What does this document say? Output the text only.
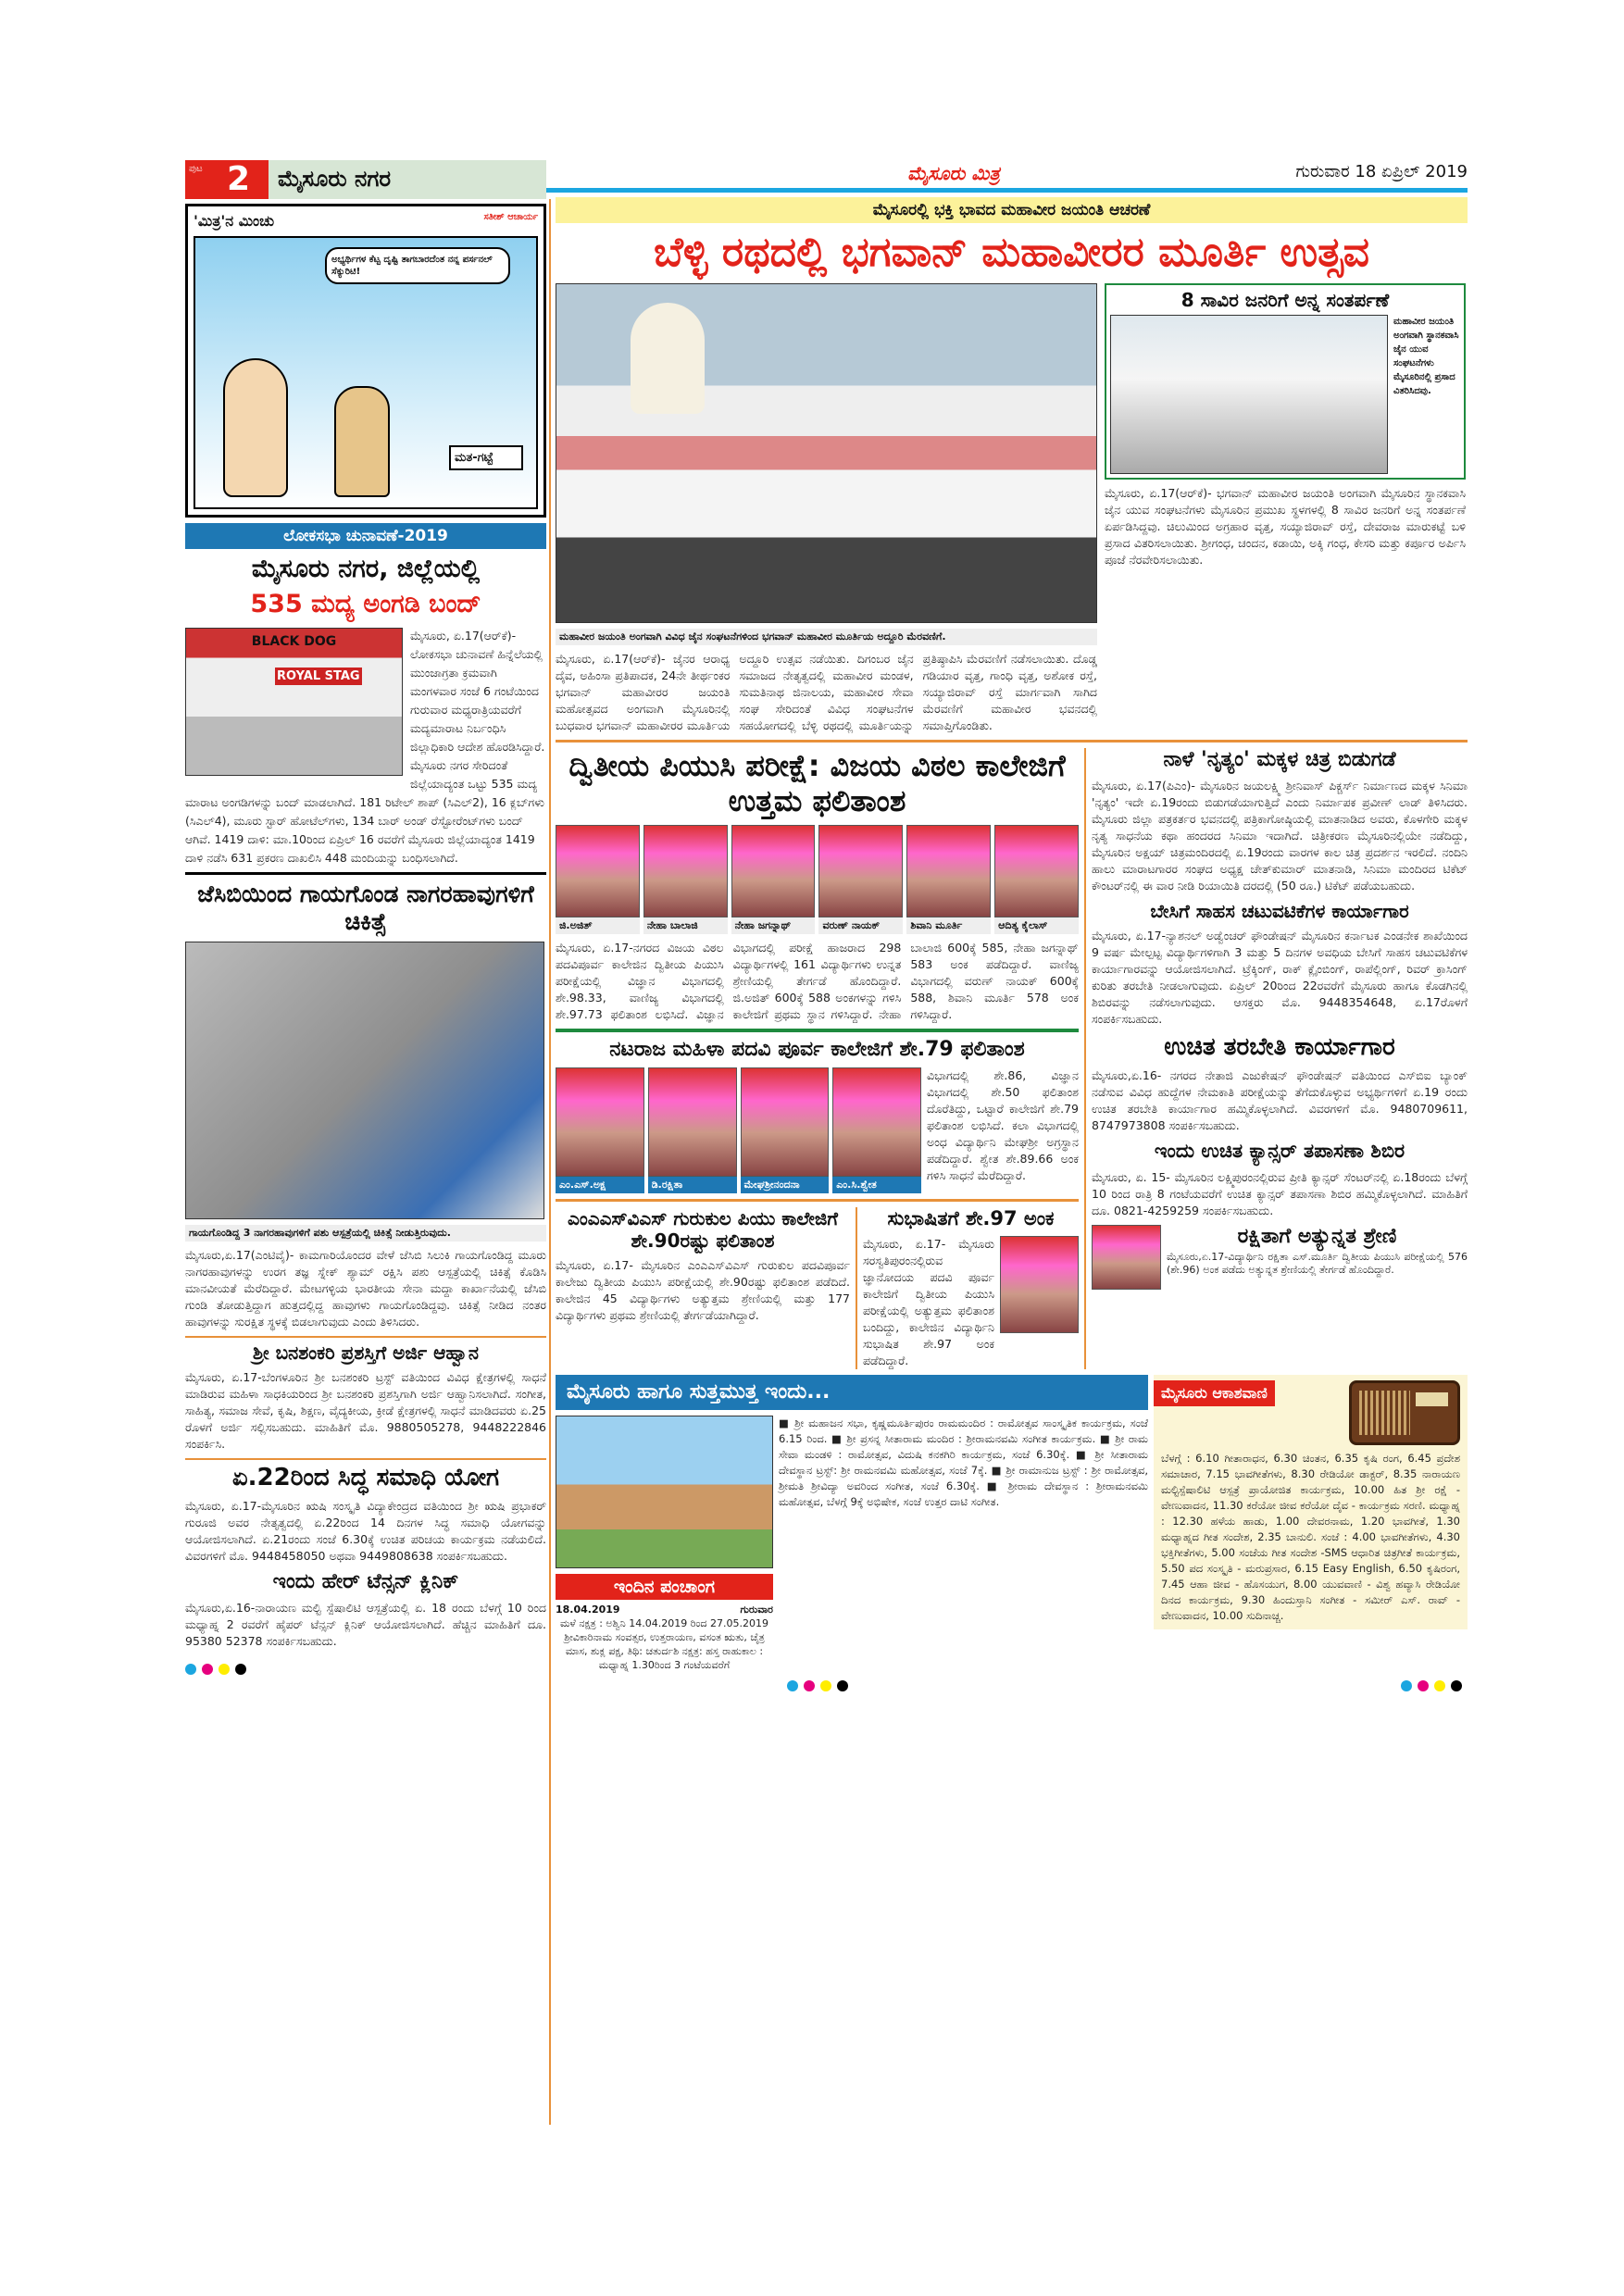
ಪುಟ 2 ಮೈಸೂರು ನಗರ	ಮೈಸೂರು ಮಿತ್ರ	ಗುರುವಾರ 18 ಏಪ್ರಿಲ್ 2019
'ಮಿತ್ರ'ನ ಮಿಂಚು	ಸತೀಶ್ ಆಚಾರ್ಯ
ಅಭ್ಯರ್ಥಿಗಳ ಕೆಟ್ಟ ದೃಷ್ಟಿ ತಾಗಬಾರದೆಂತ ನನ್ನ ಪರ್ಸನಲ್ ಸೆಕ್ಯುರಿಟಿ!
ಮತ-ಗಟ್ಟೆ
ಲೋಕಸಭಾ ಚುನಾವಣೆ-2019
ಮೈಸೂರು ನಗರ, ಜಿಲ್ಲೆಯಲ್ಲಿ
535 ಮದ್ಯ ಅಂಗಡಿ ಬಂದ್
BLACK DOG
ROYAL STAG
ಮೈಸೂರು, ಏ.17(ಆರ್‌ಕೆ)- ಲೋಕಸಭಾ ಚುನಾವಣೆ ಹಿನ್ನೆಲೆಯಲ್ಲಿ ಮುಂಜಾಗ್ರತಾ ಕ್ರಮವಾಗಿ ಮಂಗಳವಾರ ಸಂಜೆ 6 ಗಂಟೆಯಿಂದ ಗುರುವಾರ ಮಧ್ಯರಾತ್ರಿಯವರೆಗೆ ಮದ್ಯಮಾರಾಟ ನಿರ್ಬಂಧಿಸಿ ಜಿಲ್ಲಾಧಿಕಾರಿ ಆದೇಶ ಹೊರಡಿಸಿದ್ದಾರೆ. ಮೈಸೂರು ನಗರ ಸೇರಿದಂತೆ ಜಿಲ್ಲೆಯಾದ್ಯಂತ ಒಟ್ಟು 535 ಮದ್ಯ ಮಾರಾಟ ಅಂಗಡಿಗಳನ್ನು ಬಂದ್ ಮಾಡಲಾಗಿದೆ. 181 ರಿಟೇಲ್ ಶಾಪ್ (ಸಿಎಲ್2), 16 ಕ್ಲಬ್‌ಗಳು (ಸಿಎಲ್4), ಮೂರು ಸ್ಟಾರ್ ಹೋಟೆಲ್‌ಗಳು, 134 ಬಾರ್ ಅಂಡ್ ರೆಸ್ಟೋರೆಂಟ್‌ಗಳು ಬಂದ್ ಆಗಿವೆ. 1419 ದಾಳಿ: ಮಾ.10ರಿಂದ ಏಪ್ರಿಲ್ 16 ರವರೆಗೆ ಮೈಸೂರು ಜಿಲ್ಲೆಯಾದ್ಯಂತ 1419 ದಾಳಿ ನಡೆಸಿ 631 ಪ್ರಕರಣ ದಾಖಲಿಸಿ 448 ಮಂದಿಯನ್ನು ಬಂಧಿಸಲಾಗಿದೆ.
ಜೆಸಿಬಿಯಿಂದ ಗಾಯಗೊಂಡ ನಾಗರಹಾವುಗಳಿಗೆ ಚಿಕಿತ್ಸೆ
ಗಾಯಗೊಂಡಿದ್ದ 3 ನಾಗರಹಾವುಗಳಿಗೆ ಪಶು ಆಸ್ಪತ್ರೆಯಲ್ಲಿ ಚಿಕಿತ್ಸೆ ನೀಡುತ್ತಿರುವುದು.
ಮೈಸೂರು,ಏ.17(ಎಂಟಿವೈ)- ಕಾಮಗಾರಿಯೊಂದರ ವೇಳೆ ಜೆಸಿಬಿ ಸಿಲುಕಿ ಗಾಯಗೊಂಡಿದ್ದ ಮೂರು ನಾಗರಹಾವುಗಳನ್ನು ಉರಗ ತಜ್ಞ ಸ್ನೇಕ್ ಶ್ಯಾಮ್ ರಕ್ಷಿಸಿ ಪಶು ಆಸ್ಪತ್ರೆಯಲ್ಲಿ ಚಿಕಿತ್ಸೆ ಕೊಡಿಸಿ ಮಾನವೀಯತೆ ಮೆರೆದಿದ್ದಾರೆ. ಮೇಟಗಳ್ಳಿಯ ಭಾರತೀಯ ಸೇನಾ ಮದ್ದಾ ಕಾರ್ಖಾನೆಯಲ್ಲಿ ಜೆಸಿಬಿ ಗುಂಡಿ ತೋಡುತ್ತಿದ್ದಾಗ ಹುತ್ತದಲ್ಲಿದ್ದ ಹಾವುಗಳು ಗಾಯಗೊಂಡಿದ್ದವು. ಚಿಕಿತ್ಸೆ ನೀಡಿದ ನಂತರ ಹಾವುಗಳನ್ನು ಸುರಕ್ಷಿತ ಸ್ಥಳಕ್ಕೆ ಬಿಡಲಾಗುವುದು ಎಂದು ತಿಳಿಸಿದರು.
ಶ್ರೀ ಬನಶಂಕರಿ ಪ್ರಶಸ್ತಿಗೆ ಅರ್ಜಿ ಆಹ್ವಾನ
ಮೈಸೂರು, ಏ.17-ಬೆಂಗಳೂರಿನ ಶ್ರೀ ಬನಶಂಕರಿ ಟ್ರಸ್ಟ್ ವತಿಯಿಂದ ವಿವಿಧ ಕ್ಷೇತ್ರಗಳಲ್ಲಿ ಸಾಧನೆ ಮಾಡಿರುವ ಮಹಿಳಾ ಸಾಧಕಿಯರಿಂದ ಶ್ರೀ ಬನಶಂಕರಿ ಪ್ರಶಸ್ತಿಗಾಗಿ ಅರ್ಜಿ ಆಹ್ವಾನಿಸಲಾಗಿದೆ. ಸಂಗೀತ, ಸಾಹಿತ್ಯ, ಸಮಾಜ ಸೇವೆ, ಕೃಷಿ, ಶಿಕ್ಷಣ, ವೈದ್ಯಕೀಯ, ಕ್ರೀಡೆ ಕ್ಷೇತ್ರಗಳಲ್ಲಿ ಸಾಧನೆ ಮಾಡಿದವರು ಏ.25 ರೊಳಗೆ ಅರ್ಜಿ ಸಲ್ಲಿಸಬಹುದು. ಮಾಹಿತಿಗೆ ಮೊ. 9880505278, 9448222846 ಸಂಪರ್ಕಿಸಿ.
ಏ.22ರಿಂದ ಸಿದ್ಧ ಸಮಾಧಿ ಯೋಗ
ಮೈಸೂರು, ಏ.17-ಮೈಸೂರಿನ ಋಷಿ ಸಂಸ್ಕೃತಿ ವಿದ್ಯಾಕೇಂದ್ರದ ವತಿಯಿಂದ ಶ್ರೀ ಋಷಿ ಪ್ರಭಾಕರ್ ಗುರೂಜಿ ಅವರ ನೇತೃತ್ವದಲ್ಲಿ ಏ.22ರಿಂದ 14 ದಿನಗಳ ಸಿದ್ಧ ಸಮಾಧಿ ಯೋಗವನ್ನು ಆಯೋಜಿಸಲಾಗಿದೆ. ಏ.21ರಂದು ಸಂಜೆ 6.30ಕ್ಕೆ ಉಚಿತ ಪರಿಚಯ ಕಾರ್ಯಕ್ರಮ ನಡೆಯಲಿದೆ. ವಿವರಗಳಿಗೆ ಮೊ. 9448458050 ಅಥವಾ 9449808638 ಸಂಪರ್ಕಿಸಬಹುದು.
ಇಂದು ಹೇರ್ ಟೆನ್ಸನ್ ಕ್ಲಿನಿಕ್
ಮೈಸೂರು,ಏ.16-ನಾರಾಯಣ ಮಲ್ಟಿ ಸ್ಪೆಷಾಲಿಟಿ ಆಸ್ಪತ್ರೆಯಲ್ಲಿ ಏ. 18 ರಂದು ಬೆಳಗ್ಗೆ 10 ರಿಂದ ಮಧ್ಯಾಹ್ನ 2 ರವರೆಗೆ ಹೈಪರ್ ಟೆನ್ಸನ್ ಕ್ಲಿನಿಕ್ ಆಯೋಜಿಸಲಾಗಿದೆ. ಹೆಚ್ಚಿನ ಮಾಹಿತಿಗೆ ದೂ. 95380 52378 ಸಂಪರ್ಕಿಸಬಹುದು.
ಮೈಸೂರಲ್ಲಿ ಭಕ್ತಿ ಭಾವದ ಮಹಾವೀರ ಜಯಂತಿ ಆಚರಣೆ
ಬೆಳ್ಳಿ ರಥದಲ್ಲಿ ಭಗವಾನ್ ಮಹಾವೀರರ ಮೂರ್ತಿ ಉತ್ಸವ
ಮಹಾವೀರ ಜಯಂತಿ ಅಂಗವಾಗಿ ವಿವಿಧ ಜೈನ ಸಂಘಟನೆಗಳಿಂದ ಭಗವಾನ್ ಮಹಾವೀರ ಮೂರ್ತಿಯ ಅದ್ದೂರಿ ಮೆರವಣಿಗೆ.
ಮೈಸೂರು, ಏ.17(ಆರ್‌ಕೆ)- ಜೈನರ ಆರಾಧ್ಯ ದೈವ, ಅಹಿಂಸಾ ಪ್ರತಿಪಾದಕ, 24ನೇ ತೀರ್ಥಂಕರ ಭಗವಾನ್ ಮಹಾವೀರರ ಜಯಂತಿ ಮಹೋತ್ಸವದ ಅಂಗವಾಗಿ ಮೈಸೂರಿನಲ್ಲಿ ಬುಧವಾರ ಭಗವಾನ್ ಮಹಾವೀರರ ಮೂರ್ತಿಯ ಅದ್ದೂರಿ ಉತ್ಸವ ನಡೆಯಿತು. ದಿಗಂಬರ ಜೈನ ಸಮಾಜದ ನೇತೃತ್ವದಲ್ಲಿ ಮಹಾವೀರ ಮಂಡಳ, ಸುಮತಿನಾಥ ಜಿನಾಲಯ, ಮಹಾವೀರ ಸೇವಾ ಸಂಘ ಸೇರಿದಂತೆ ವಿವಿಧ ಸಂಘಟನೆಗಳ ಸಹಯೋಗದಲ್ಲಿ ಬೆಳ್ಳಿ ರಥದಲ್ಲಿ ಮೂರ್ತಿಯನ್ನು ಪ್ರತಿಷ್ಠಾಪಿಸಿ ಮೆರವಣಿಗೆ ನಡೆಸಲಾಯಿತು. ದೊಡ್ಡ ಗಡಿಯಾರ ವೃತ್ತ, ಗಾಂಧಿ ವೃತ್ತ, ಅಶೋಕ ರಸ್ತೆ, ಸಯ್ಯಾಜಿರಾವ್ ರಸ್ತೆ ಮಾರ್ಗವಾಗಿ ಸಾಗಿದ ಮೆರವಣಿಗೆ ಮಹಾವೀರ ಭವನದಲ್ಲಿ ಸಮಾಪ್ತಿಗೊಂಡಿತು.
8 ಸಾವಿರ ಜನರಿಗೆ ಅನ್ನ ಸಂತರ್ಪಣೆ
ಮಹಾವೀರ ಜಯಂತಿ ಅಂಗವಾಗಿ ಸ್ಥಾನಕವಾಸಿ ಜೈನ ಯುವ ಸಂಘಟನೆಗಳು ಮೈಸೂರಿನಲ್ಲಿ ಪ್ರಸಾದ ವಿತರಿಸಿದವು.
ಮೈಸೂರು, ಏ.17(ಆರ್‌ಕೆ)- ಭಗವಾನ್ ಮಹಾವೀರ ಜಯಂತಿ ಅಂಗವಾಗಿ ಮೈಸೂರಿನ ಸ್ಥಾನಕವಾಸಿ ಜೈನ ಯುವ ಸಂಘಟನೆಗಳು ಮೈಸೂರಿನ ಪ್ರಮುಖ ಸ್ಥಳಗಳಲ್ಲಿ 8 ಸಾವಿರ ಜನರಿಗೆ ಅನ್ನ ಸಂತರ್ಪಣೆ ಏರ್ಪಡಿಸಿದ್ದವು. ಚಿಲುಮಿಂದ ಅಗ್ರಹಾರ ವೃತ್ತ, ಸಯ್ಯಾಜಿರಾವ್ ರಸ್ತೆ, ದೇವರಾಜ ಮಾರುಕಟ್ಟೆ ಬಳಿ ಪ್ರಸಾದ ವಿತರಿಸಲಾಯಿತು. ಶ್ರೀಗಂಧ, ಚಂದನ, ಕಡಾಯಿ, ಅಕ್ಕಿ ಗಂಧ, ಕೇಸರಿ ಮತ್ತು ಕರ್ಪೂರ ಅರ್ಪಿಸಿ ಪೂಜೆ ನೆರವೇರಿಸಲಾಯಿತು.
ದ್ವಿತೀಯ ಪಿಯುಸಿ ಪರೀಕ್ಷೆ: ವಿಜಯ ವಿಠಲ ಕಾಲೇಜಿಗೆ ಉತ್ತಮ ಫಲಿತಾಂಶ
ಜಿ.ಅಜಿತ್	ನೇಹಾ ಬಾಲಾಜಿ	ನೇಹಾ ಜಗನ್ನಾಥ್	ವರುಣ್ ನಾಯಕ್	ಶಿವಾನಿ ಮೂರ್ತಿ	ಆದಿತ್ಯ ಕೈಲಾಸ್
ಮೈಸೂರು, ಏ.17-ನಗರದ ವಿಜಯ ವಿಠಲ ಪದವಿಪೂರ್ವ ಕಾಲೇಜಿನ ದ್ವಿತೀಯ ಪಿಯುಸಿ ಪರೀಕ್ಷೆಯಲ್ಲಿ ವಿಜ್ಞಾನ ವಿಭಾಗದಲ್ಲಿ ಶೇ.98.33, ವಾಣಿಜ್ಯ ವಿಭಾಗದಲ್ಲಿ ಶೇ.97.73 ಫಲಿತಾಂಶ ಲಭಿಸಿದೆ. ವಿಜ್ಞಾನ ವಿಭಾಗದಲ್ಲಿ ಪರೀಕ್ಷೆ ಹಾಜರಾದ 298 ವಿದ್ಯಾರ್ಥಿಗಳಲ್ಲಿ 161 ವಿದ್ಯಾರ್ಥಿಗಳು ಉನ್ನತ ಶ್ರೇಣಿಯಲ್ಲಿ ತೇರ್ಗಡೆ ಹೊಂದಿದ್ದಾರೆ. ಜಿ.ಅಜಿತ್ 600ಕ್ಕೆ 588 ಅಂಕಗಳನ್ನು ಗಳಿಸಿ ಕಾಲೇಜಿಗೆ ಪ್ರಥಮ ಸ್ಥಾನ ಗಳಿಸಿದ್ದಾರೆ. ನೇಹಾ ಬಾಲಾಜಿ 600ಕ್ಕೆ 585, ನೇಹಾ ಜಗನ್ನಾಥ್ 583 ಅಂಕ ಪಡೆದಿದ್ದಾರೆ. ವಾಣಿಜ್ಯ ವಿಭಾಗದಲ್ಲಿ ವರುಣ್ ನಾಯಕ್ 600ಕ್ಕೆ 588, ಶಿವಾನಿ ಮೂರ್ತಿ 578 ಅಂಕ ಗಳಿಸಿದ್ದಾರೆ.
ನಟರಾಜ ಮಹಿಳಾ ಪದವಿ ಪೂರ್ವ ಕಾಲೇಜಿಗೆ ಶೇ.79 ಫಲಿತಾಂಶ
ಎಂ.ಎಸ್.ಅಕ್ಷ	ಡಿ.ರಕ್ಷಿತಾ	ಮೇಘಶ್ರೀನಂದನಾ	ಎಂ.ಸಿ.ಶ್ವೇತ
ವಿಭಾಗದಲ್ಲಿ ಶೇ.86, ವಿಜ್ಞಾನ ವಿಭಾಗದಲ್ಲಿ ಶೇ.50 ಫಲಿತಾಂಶ ದೊರೆತಿದ್ದು, ಒಟ್ಟಾರೆ ಕಾಲೇಜಿಗೆ ಶೇ.79 ಫಲಿತಾಂಶ ಲಭಿಸಿದೆ. ಕಲಾ ವಿಭಾಗದಲ್ಲಿ ಅಂಧ ವಿದ್ಯಾರ್ಥಿನಿ ಮೇಘಶ್ರೀ ಅಗ್ರಸ್ಥಾನ ಪಡೆದಿದ್ದಾರೆ. ಶ್ವೇತ ಶೇ.89.66 ಅಂಕ ಗಳಿಸಿ ಸಾಧನೆ ಮೆರೆದಿದ್ದಾರೆ.
ಎಂಎಎಸ್‌ವಿಎಸ್ ಗುರುಕುಲ ಪಿಯು ಕಾಲೇಜಿಗೆ ಶೇ.90ರಷ್ಟು ಫಲಿತಾಂಶ
ಮೈಸೂರು, ಏ.17- ಮೈಸೂರಿನ ಎಂಎಎಸ್‌ವಿಎಸ್ ಗುರುಕುಲ ಪದವಿಪೂರ್ವ ಕಾಲೇಜು ದ್ವಿತೀಯ ಪಿಯುಸಿ ಪರೀಕ್ಷೆಯಲ್ಲಿ ಶೇ.90ರಷ್ಟು ಫಲಿತಾಂಶ ಪಡೆದಿದೆ. ಕಾಲೇಜಿನ 45 ವಿದ್ಯಾರ್ಥಿಗಳು ಅತ್ಯುತ್ತಮ ಶ್ರೇಣಿಯಲ್ಲಿ ಮತ್ತು 177 ವಿದ್ಯಾರ್ಥಿಗಳು ಪ್ರಥಮ ಶ್ರೇಣಿಯಲ್ಲಿ ತೇರ್ಗಡೆಯಾಗಿದ್ದಾರೆ.
ಸುಭಾಷಿತಗೆ ಶೇ.97 ಅಂಕ
ಮೈಸೂರು, ಏ.17- ಮೈಸೂರು ಸರಸ್ವತಿಪುರಂನಲ್ಲಿರುವ ಜ್ಞಾನೋದಯ ಪದವಿ ಪೂರ್ವ ಕಾಲೇಜಿಗೆ ದ್ವಿತೀಯ ಪಿಯುಸಿ ಪರೀಕ್ಷೆಯಲ್ಲಿ ಅತ್ಯುತ್ತಮ ಫಲಿತಾಂಶ ಬಂದಿದ್ದು, ಕಾಲೇಜಿನ ವಿದ್ಯಾರ್ಥಿನಿ ಸುಭಾಷಿತ ಶೇ.97 ಅಂಕ ಪಡೆದಿದ್ದಾರೆ.
ನಾಳೆ 'ನೃತ್ಯಂ' ಮಕ್ಕಳ ಚಿತ್ರ ಬಿಡುಗಡೆ
ಮೈಸೂರು, ಏ.17(ಪಿಎಂ)- ಮೈಸೂರಿನ ಜಯಲಕ್ಷ್ಮಿ ಶ್ರೀನಿವಾಸ್ ಪಿಕ್ಚರ್ಸ್ ನಿರ್ಮಾಣದ ಮಕ್ಕಳ ಸಿನಿಮಾ 'ನೃತ್ಯಂ' ಇದೇ ಏ.19ರಂದು ಬಿಡುಗಡೆಯಾಗುತ್ತಿದೆ ಎಂದು ನಿರ್ಮಾಪಕ ಪ್ರವೀಣ್ ಲಾಡ್ ತಿಳಿಸಿದರು. ಮೈಸೂರು ಜಿಲ್ಲಾ ಪತ್ರಕರ್ತರ ಭವನದಲ್ಲಿ ಪತ್ರಿಕಾಗೋಷ್ಠಿಯಲ್ಲಿ ಮಾತನಾಡಿದ ಅವರು, ಕೊಳಗೇರಿ ಮಕ್ಕಳ ನೃತ್ಯ ಸಾಧನೆಯ ಕಥಾ ಹಂದರದ ಸಿನಿಮಾ ಇದಾಗಿದೆ. ಚಿತ್ರೀಕರಣ ಮೈಸೂರಿನಲ್ಲಿಯೇ ನಡೆದಿದ್ದು, ಮೈಸೂರಿನ ಅಕ್ಷಯ್ ಚಿತ್ರಮಂದಿರದಲ್ಲಿ ಏ.19ರಂದು ವಾರಗಳ ಕಾಲ ಚಿತ್ರ ಪ್ರದರ್ಶನ ಇರಲಿದೆ. ನಂದಿನಿ ಹಾಲು ಮಾರಾಟಗಾರರ ಸಂಘದ ಅಧ್ಯಕ್ಷ ಚೇತ್‌ಕುಮಾರ್ ಮಾತನಾಡಿ, ಸಿನಿಮಾ ಮಂದಿರದ ಟಿಕೆಟ್ ಕೌಂಟರ್‌ನಲ್ಲಿ ಈ ವಾರ ನೀಡಿ ರಿಯಾಯಿತಿ ದರದಲ್ಲಿ (50 ರೂ.) ಟಿಕೆಟ್ ಪಡೆಯಬಹುದು.
ಬೇಸಿಗೆ ಸಾಹಸ ಚಟುವಟಿಕೆಗಳ ಕಾರ್ಯಾಗಾರ
ಮೈಸೂರು, ಏ.17-ನ್ಯಾಶನಲ್ ಅಡ್ವೆಂಚರ್ ಫೌಂಡೇಷನ್ ಮೈಸೂರಿನ ಕರ್ನಾಟಕ ಎಂಡನೇಕ ಶಾಖೆಯಿಂದ 9 ವರ್ಷ ಮೇಲ್ಪಟ್ಟ ವಿದ್ಯಾರ್ಥಿಗಳಿಗಾಗಿ 3 ಮತ್ತು 5 ದಿನಗಳ ಅವಧಿಯ ಬೇಸಿಗೆ ಸಾಹಸ ಚಟುವಟಿಕೆಗಳ ಕಾರ್ಯಾಗಾರವನ್ನು ಆಯೋಜಿಸಲಾಗಿದೆ. ಟ್ರೆಕ್ಕಿಂಗ್, ರಾಕ್ ಕ್ಲೈಂಬಿಂಗ್, ರಾಪೆಲ್ಲಿಂಗ್, ರಿವರ್ ಕ್ರಾಸಿಂಗ್ ಕುರಿತು ತರಬೇತಿ ನೀಡಲಾಗುವುದು. ಏಪ್ರಿಲ್ 20ರಿಂದ 22ರವರೆಗೆ ಮೈಸೂರು ಹಾಗೂ ಕೊಡಗಿನಲ್ಲಿ ಶಿಬಿರವನ್ನು ನಡೆಸಲಾಗುವುದು. ಆಸಕ್ತರು ಮೊ. 9448354648, ಏ.17ರೊಳಗೆ ಸಂಪರ್ಕಿಸಬಹುದು.
ಉಚಿತ ತರಬೇತಿ ಕಾರ್ಯಾಗಾರ
ಮೈಸೂರು,ಏ.16- ನಗರದ ನೇತಾಜಿ ಎಜುಕೇಷನ್ ಫೌಂಡೇಷನ್ ವತಿಯಿಂದ ಎಸ್‌ಬಿಐ ಬ್ಯಾಂಕ್ ನಡೆಸುವ ವಿವಿಧ ಹುದ್ದೆಗಳ ನೇಮಕಾತಿ ಪರೀಕ್ಷೆಯನ್ನು ತೆಗೆದುಕೊಳ್ಳುವ ಅಭ್ಯರ್ಥಿಗಳಿಗೆ ಏ.19 ರಂದು ಉಚಿತ ತರಬೇತಿ ಕಾರ್ಯಾಗಾರ ಹಮ್ಮಿಕೊಳ್ಳಲಾಗಿದೆ. ವಿವರಗಳಿಗೆ ಮೊ. 9480709611, 8747973808 ಸಂಪರ್ಕಿಸಬಹುದು.
ಇಂದು ಉಚಿತ ಕ್ಯಾನ್ಸರ್ ತಪಾಸಣಾ ಶಿಬಿರ
ಮೈಸೂರು, ಏ. 15- ಮೈಸೂರಿನ ಲಕ್ಷ್ಮಿಪುರಂನಲ್ಲಿರುವ ಪ್ರೀತಿ ಕ್ಯಾನ್ಸರ್ ಸೆಂಟರ್‌ನಲ್ಲಿ ಏ.18ರಂದು ಬೆಳಗ್ಗೆ 10 ರಿಂದ ರಾತ್ರಿ 8 ಗಂಟೆಯವರೆಗೆ ಉಚಿತ ಕ್ಯಾನ್ಸರ್ ತಪಾಸಣಾ ಶಿಬಿರ ಹಮ್ಮಿಕೊಳ್ಳಲಾಗಿದೆ. ಮಾಹಿತಿಗೆ ದೂ. 0821-4259259 ಸಂಪರ್ಕಿಸಬಹುದು.
ರಕ್ಷಿತಾಗೆ ಅತ್ಯುನ್ನತ ಶ್ರೇಣಿ
ಮೈಸೂರು,ಏ.17-ವಿದ್ಯಾರ್ಥಿನಿ ರಕ್ಷಿತಾ ಎಸ್.ಮೂರ್ತಿ ದ್ವಿತೀಯ ಪಿಯುಸಿ ಪರೀಕ್ಷೆಯಲ್ಲಿ 576 (ಶೇ.96) ಅಂಕ ಪಡೆದು ಅತ್ಯುನ್ನತ ಶ್ರೇಣಿಯಲ್ಲಿ ತೇರ್ಗಡೆ ಹೊಂದಿದ್ದಾರೆ.
ಮೈಸೂರು ಹಾಗೂ ಸುತ್ತಮುತ್ತ ಇಂದು...
ಇಂದಿನ ಪಂಚಾಂಗ
18.04.2019	ಗುರುವಾರ
ಮಳೆ ನಕ್ಷತ್ರ : ಅಶ್ವಿನಿ 14.04.2019 ರಿಂದ 27.05.2019 ಶ್ರೀವಿಕಾರಿನಾಮ ಸಂವತ್ಸರ, ಉತ್ತರಾಯಣ, ವಸಂತ ಋತು, ಚೈತ್ರ ಮಾಸ, ಶುಕ್ಲ ಪಕ್ಷ, ತಿಥಿ: ಚತುರ್ದಶಿ ನಕ್ಷತ್ರ: ಹಸ್ತ ರಾಹುಕಾಲ : ಮಧ್ಯಾಹ್ನ 1.30ರಿಂದ 3 ಗಂಟೆಯವರೆಗೆ
■ ಶ್ರೀ ಮಹಾಜನ ಸಭಾ, ಕೃಷ್ಣಮೂರ್ತಿಪುರಂ ರಾಮಮಂದಿರ : ರಾಮೋತ್ಸವ ಸಾಂಸ್ಕೃತಿಕ ಕಾರ್ಯಕ್ರಮ, ಸಂಜೆ 6.15 ರಿಂದ. ■ ಶ್ರೀ ಪ್ರಸನ್ನ ಸೀತಾರಾಮ ಮಂದಿರ : ಶ್ರೀರಾಮನವಮಿ ಸಂಗೀತ ಕಾರ್ಯಕ್ರಮ. ■ ಶ್ರೀ ರಾಮ ಸೇವಾ ಮಂಡಳಿ : ರಾಮೋತ್ಸವ, ವಿದುಷಿ ಕನಕಗಿರಿ ಕಾರ್ಯಕ್ರಮ, ಸಂಜೆ 6.30ಕ್ಕೆ. ■ ಶ್ರೀ ಸೀತಾರಾಮ ದೇವಸ್ಥಾನ ಟ್ರಸ್ಟ್: ಶ್ರೀ ರಾಮನವಮಿ ಮಹೋತ್ಸವ, ಸಂಜೆ 7ಕ್ಕೆ. ■ ಶ್ರೀ ರಾಮಾನುಜ ಟ್ರಸ್ಟ್ : ಶ್ರೀ ರಾಮೋತ್ಸವ, ಶ್ರೀಮತಿ ಶ್ರೀವಿದ್ಯಾ ಅವರಿಂದ ಸಂಗೀತ, ಸಂಜೆ 6.30ಕ್ಕೆ. ■ ಶ್ರೀರಾಮ ದೇವಸ್ಥಾನ : ಶ್ರೀರಾಮನವಮಿ ಮಹೋತ್ಸವ, ಬೆಳಗ್ಗೆ 9ಕ್ಕೆ ಅಭಿಷೇಕ, ಸಂಜೆ ಉತ್ತರ ದಾಟಿ ಸಂಗೀತ.
ಮೈಸೂರು ಆಕಾಶವಾಣಿ
ಬೆಳಗ್ಗೆ : 6.10 ಗೀತಾರಾಧನ, 6.30 ಚಿಂತನ, 6.35 ಕೃಷಿ ರಂಗ, 6.45 ಪ್ರದೇಶ ಸಮಾಚಾರ, 7.15 ಭಾವಗೀತೆಗಳು, 8.30 ರೇಡಿಯೋ ಡಾಕ್ಟರ್, 8.35 ನಾರಾಯಣ ಮಲ್ಟಿಸ್ಪೆಷಾಲಿಟಿ ಆಸ್ಪತ್ರೆ ಪ್ರಾಯೋಜಿತ ಕಾರ್ಯಕ್ರಮ, 10.00 ಹಿತ ಶ್ರೀ ರಕ್ಷೆ - ವೇಣುವಾದನ, 11.30 ಕರೆಯೋ ಜೀವ ಕರೆಯೋ ದೈವ - ಕಾರ್ಯಕ್ರಮ ಸರಣಿ. ಮಧ್ಯಾಹ್ನ : 12.30 ಹಳೆಯ ಹಾಡು, 1.00 ದೇವರನಾಮ, 1.20 ಭಾವಗೀತೆ, 1.30 ಮಧ್ಯಾಹ್ನದ ಗೀತ ಸಂದೇಶ, 2.35 ಬಾನುಲಿ. ಸಂಜೆ : 4.00 ಭಾವಗೀತೆಗಳು, 4.30 ಭಕ್ತಿಗೀತೆಗಳು, 5.00 ಸಂಜೆಯ ಗೀತ ಸಂದೇಶ -SMS ಆಧಾರಿತ ಚಿತ್ರಗೀತೆ ಕಾರ್ಯಕ್ರಮ, 5.50 ಪದ ಸಂಸ್ಕೃತಿ - ಮರುಪ್ರಸಾರ, 6.15 Easy English, 6.50 ಕೃಷಿರಂಗ, 7.45 ಆಹಾ ಜೀವ - ಹೊಸಯುಗ, 8.00 ಯುವವಾಣಿ - ವಿಶ್ವ ಹವ್ಯಾಸಿ ರೇಡಿಯೋ ದಿನದ ಕಾರ್ಯಕ್ರಮ, 9.30 ಹಿಂದುಸ್ತಾನಿ ಸಂಗೀತ - ಸಮೀರ್ ಎಸ್. ರಾವ್ - ವೇಣುವಾದನ, 10.00 ಸುದಿನಾಚ್ಚ.
